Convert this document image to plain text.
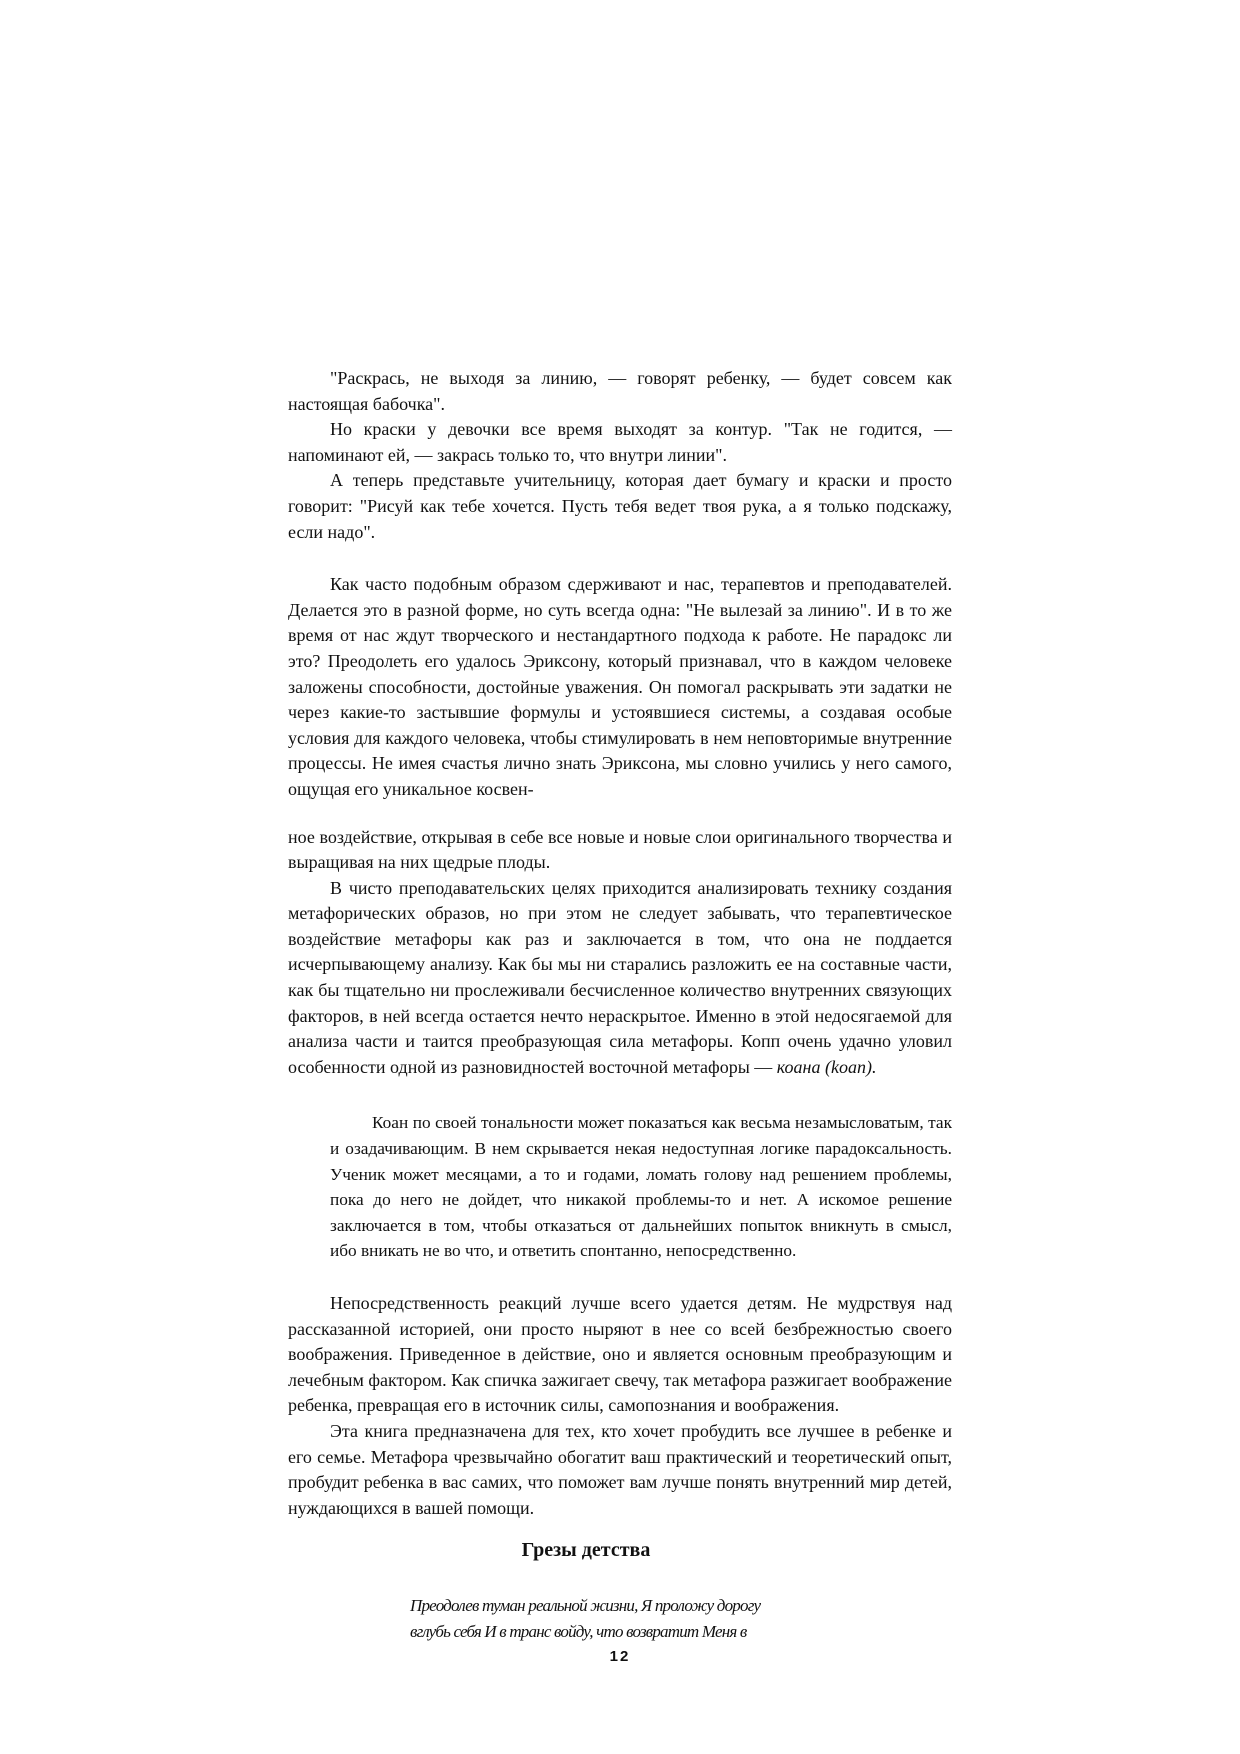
"Раскрась, не выходя за линию, — говорят ребенку, — будет совсем как настоящая бабочка".

Но краски у девочки все время выходят за контур. "Так не годится, — напоминают ей, — закрась только то, что внутри линии".

А теперь представьте учительницу, которая дает бумагу и краски и просто говорит: "Рисуй как тебе хочется. Пусть тебя ведет твоя рука, а я только подскажу, если надо".

Как часто подобным образом сдерживают и нас, терапевтов и преподавателей. Делается это в разной форме, но суть всегда одна: "Не вылезай за линию". И в то же время от нас ждут творческого и нестандартного подхода к работе. Не парадокс ли это? Преодолеть его удалось Эриксону, который признавал, что в каждом человеке заложены способности, достойные уважения. Он помогал раскрывать эти задатки не через какие-то застывшие формулы и устоявшиеся системы, а создавая особые условия для каждого человека, чтобы стимулировать в нем неповторимые внутренние процессы. Не имея счастья лично знать Эриксона, мы словно учились у него самого, ощущая его уникальное косвен-

ное воздействие, открывая в себе все новые и новые слои оригинального творчества и выращивая на них щедрые плоды.

В чисто преподавательских целях приходится анализировать технику создания метафорических образов, но при этом не следует забывать, что терапевтическое воздействие метафоры как раз и заключается в том, что она не поддается исчерпывающему анализу. Как бы мы ни старались разложить ее на составные части, как бы тщательно ни прослеживали бесчисленное количество внутренних связующих факторов, в ней всегда остается нечто нераскрытое. Именно в этой недосягаемой для анализа части и таится преобразующая сила метафоры. Копп очень удачно уловил особенности одной из разновидностей восточной метафоры — коана (koan).

Коан по своей тональности может показаться как весьма незамысловатым, так и озадачивающим. В нем скрывается некая недоступная логике парадоксальность. Ученик может месяцами, а то и годами, ломать голову над решением проблемы, пока до него не дойдет, что никакой проблемы-то и нет. А искомое решение заключается в том, чтобы отказаться от дальнейших попыток вникнуть в смысл, ибо вникать не во что, и ответить спонтанно, непосредственно.

Непосредственность реакций лучше всего удается детям. Не мудрствуя над рассказанной историей, они просто ныряют в нее со всей безбрежностью своего воображения. Приведенное в действие, оно и является основным преобразующим и лечебным фактором. Как спичка зажигает свечу, так метафора разжигает воображение ребенка, превращая его в источник силы, самопознания и воображения.

Эта книга предназначена для тех, кто хочет пробудить все лучшее в ребенке и его семье. Метафора чрезвычайно обогатит ваш практический и теоретический опыт, пробудит ребенка в вас самих, что поможет вам лучше понять внутренний мир детей, нуждающихся в вашей помощи.

Грезы детства
Преодолев туман реальной жизни, Я проложу дорогу
вглубь себя И в транс войду, что возвратит Меня в
12
